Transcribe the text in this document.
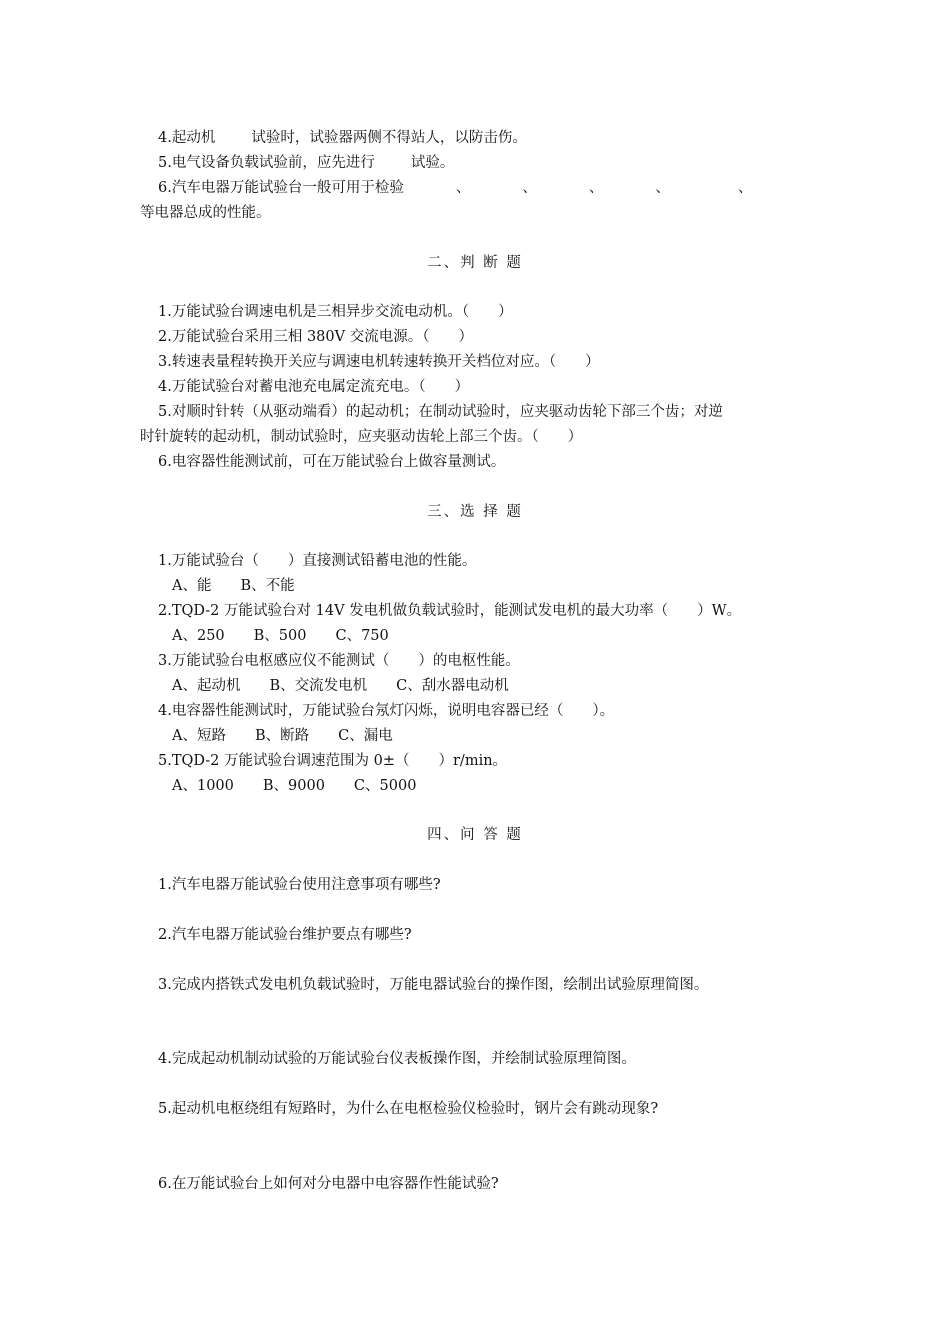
4.起动机 试验时，试验器两侧不得站人，以防击伤。
5.电气设备负载试验前，应先进行 试验。
6.汽车电器万能试验台一般可用于检验	、	、	、	、	、
等电器总成的性能。
二、判 断 题
1.万能试验台调速电机是三相异步交流电动机。（　　）
2.万能试验台采用三相 380V 交流电源。（　　）
3.转速表量程转换开关应与调速电机转速转换开关档位对应。（　　）
4.万能试验台对蓄电池充电属定流充电。（　　）
5.对顺时针转（从驱动端看）的起动机；在制动试验时，应夹驱动齿轮下部三个齿；对逆
时针旋转的起动机，制动试验时，应夹驱动齿轮上部三个齿。（　　）
6.电容器性能测试前，可在万能试验台上做容量测试。
三、选 择 题
1.万能试验台（　　）直接测试铅蓄电池的性能。
A、能　　B、不能
2.TQD-2 万能试验台对 14V 发电机做负载试验时，能测试发电机的最大功率（　　）W。
A、250　　B、500　　C、750
3.万能试验台电枢感应仪不能测试（　　）的电枢性能。
A、起动机　　B、交流发电机　　C、刮水器电动机
4.电容器性能测试时，万能试验台氖灯闪烁，说明电容器已经（　　）。
A、短路　　B、断路　　C、漏电
5.TQD-2 万能试验台调速范围为 0±（　　）r/min。
A、1000　　B、9000　　C、5000
四、问 答 题
1.汽车电器万能试验台使用注意事项有哪些?
2.汽车电器万能试验台维护要点有哪些?
3.完成内搭铁式发电机负载试验时，万能电器试验台的操作图，绘制出试验原理简图。
4.完成起动机制动试验的万能试验台仪表板操作图，并绘制试验原理简图。
5.起动机电枢绕组有短路时，为什么在电枢检验仪检验时，钢片会有跳动现象?
6.在万能试验台上如何对分电器中电容器作性能试验?
